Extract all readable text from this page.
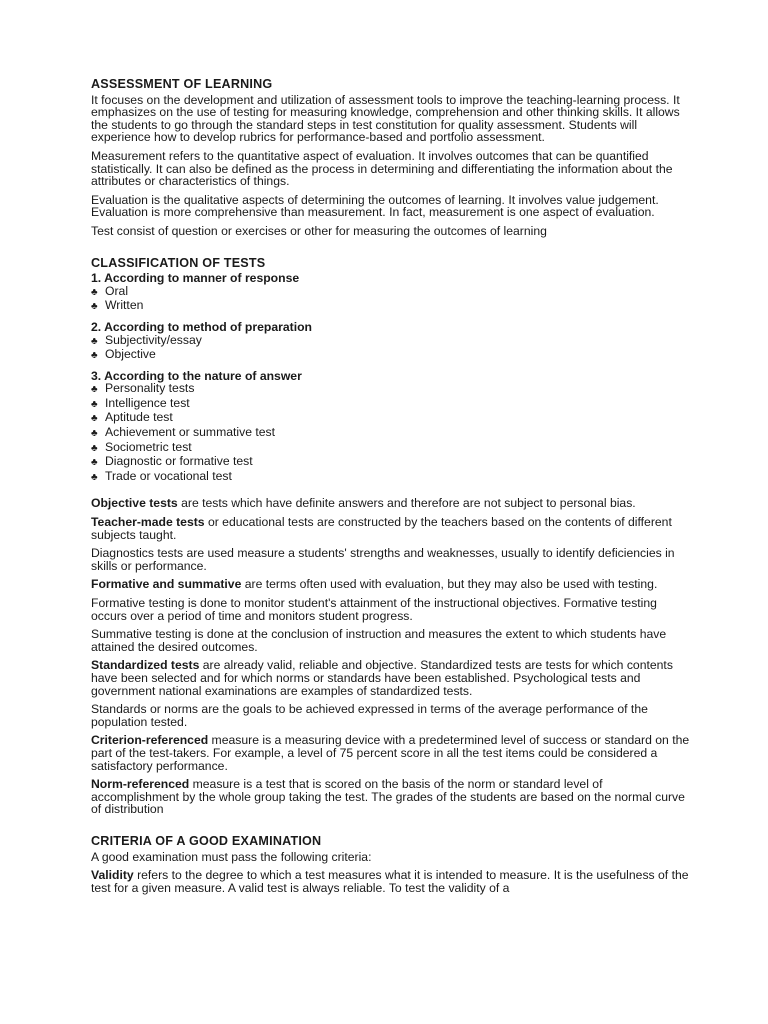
ASSESSMENT OF LEARNING

It focuses on the development and utilization of assessment tools to improve the teaching-learning process. It emphasizes on the use of testing for measuring knowledge, comprehension and other thinking skills. It allows the students to go through the standard steps in test constitution for quality assessment. Students will experience how to develop rubrics for performance-based and portfolio assessment.

Measurement refers to the quantitative aspect of evaluation. It involves outcomes that can be quantified statistically. It can also be defined as the process in determining and differentiating the information about the attributes or characteristics of things.

Evaluation is the qualitative aspects of determining the outcomes of learning. It involves value judgement. Evaluation is more comprehensive than measurement. In fact, measurement is one aspect of evaluation.

Test consist of question or exercises or other for measuring the outcomes of learning

CLASSIFICATION OF TESTS
1. According to manner of response
♣ Oral
♣ Written
2. According to method of preparation
♣ Subjectivity/essay
♣ Objective
3. According to the nature of answer
♣ Personality tests
♣ Intelligence test
♣ Aptitude test
♣ Achievement or summative test
♣ Sociometric test
♣ Diagnostic or formative test
♣ Trade or vocational test

Objective tests are tests which have definite answers and therefore are not subject to personal bias.

Teacher-made tests or educational tests are constructed by the teachers based on the contents of different subjects taught.

Diagnostics tests are used measure a students' strengths and weaknesses, usually to identify deficiencies in skills or performance.

Formative and summative are terms often used with evaluation, but they may also be used with testing.

Formative testing is done to monitor student's attainment of the instructional objectives. Formative testing occurs over a period of time and monitors student progress.

Summative testing is done at the conclusion of instruction and measures the extent to which students have attained the desired outcomes.

Standardized tests are already valid, reliable and objective. Standardized tests are tests for which contents have been selected and for which norms or standards have been established. Psychological tests and government national examinations are examples of standardized tests.

Standards or norms are the goals to be achieved expressed in terms of the average performance of the population tested.

Criterion-referenced measure is a measuring device with a predetermined level of success or standard on the part of the test-takers. For example, a level of 75 percent score in all the test items could be considered a satisfactory performance.

Norm-referenced measure is a test that is scored on the basis of the norm or standard level of accomplishment by the whole group taking the test. The grades of the students are based on the normal curve of distribution

CRITERIA OF A GOOD EXAMINATION

A good examination must pass the following criteria:

Validity refers to the degree to which a test measures what it is intended to measure. It is the usefulness of the test for a given measure. A valid test is always reliable. To test the validity of a
